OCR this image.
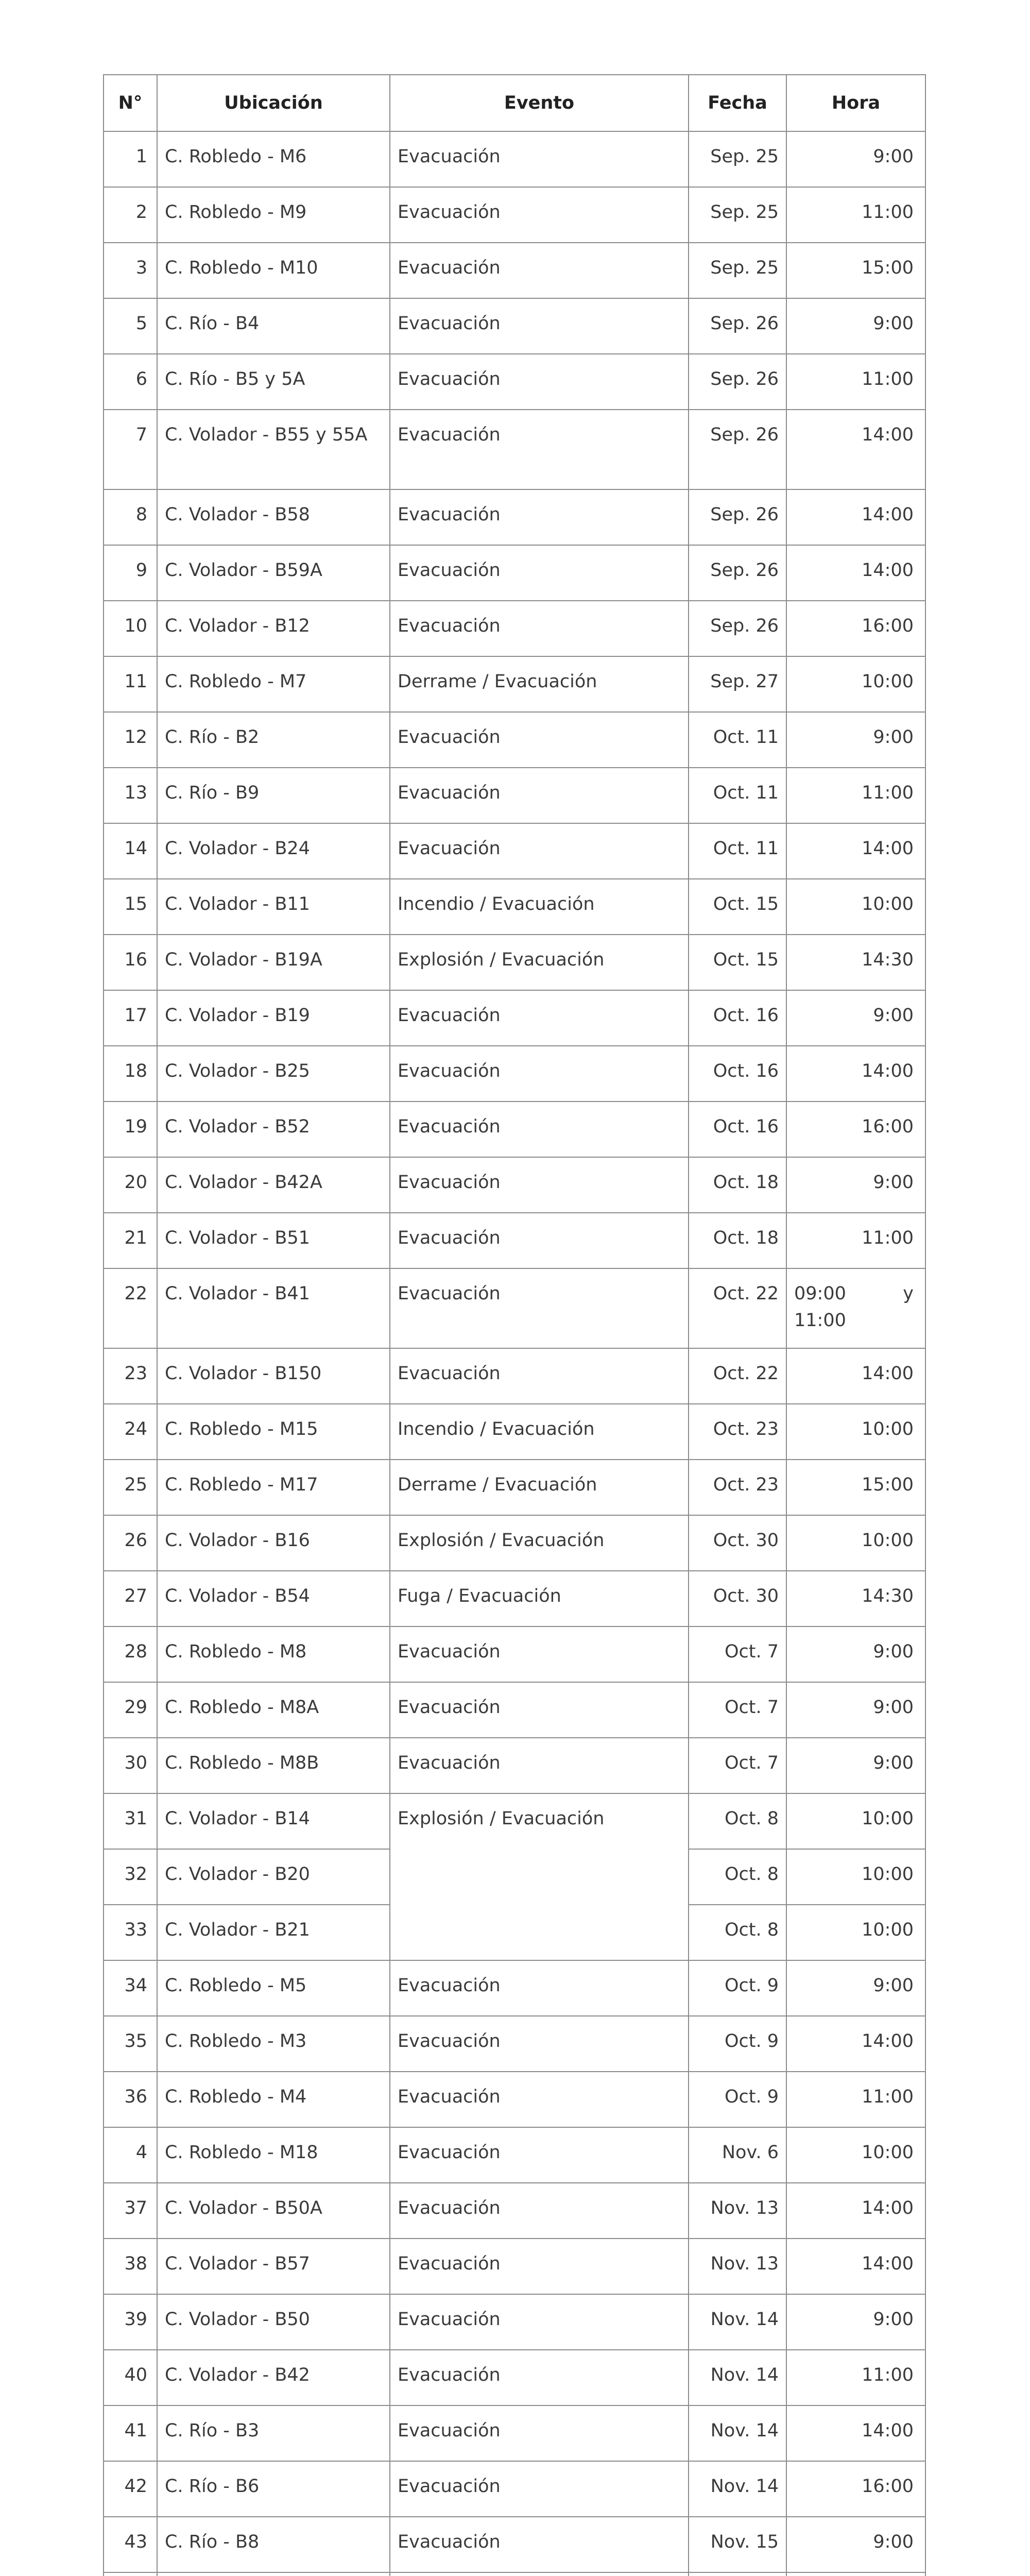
N°	Ubicación	Evento	Fecha	Hora
1	C. Robledo - M6	Evacuación	Sep. 25	9:00
2	C. Robledo - M9	Evacuación	Sep. 25	11:00
3	C. Robledo - M10	Evacuación	Sep. 25	15:00
5	C. Río - B4	Evacuación	Sep. 26	9:00
6	C. Río - B5 y 5A	Evacuación	Sep. 26	11:00
7	C. Volador - B55 y 55A	Evacuación	Sep. 26	14:00
8	C. Volador - B58	Evacuación	Sep. 26	14:00
9	C. Volador - B59A	Evacuación	Sep. 26	14:00
10	C. Volador - B12	Evacuación	Sep. 26	16:00
11	C. Robledo - M7	Derrame / Evacuación	Sep. 27	10:00
12	C. Río - B2	Evacuación	Oct. 11	9:00
13	C. Río - B9	Evacuación	Oct. 11	11:00
14	C. Volador - B24	Evacuación	Oct. 11	14:00
15	C. Volador - B11	Incendio / Evacuación	Oct. 15	10:00
16	C. Volador - B19A	Explosión / Evacuación	Oct. 15	14:30
17	C. Volador - B19	Evacuación	Oct. 16	9:00
18	C. Volador - B25	Evacuación	Oct. 16	14:00
19	C. Volador - B52	Evacuación	Oct. 16	16:00
20	C. Volador - B42A	Evacuación	Oct. 18	9:00
21	C. Volador - B51	Evacuación	Oct. 18	11:00
22	C. Volador - B41	Evacuación	Oct. 22	09:00 y 11:00
23	C. Volador - B150	Evacuación	Oct. 22	14:00
24	C. Robledo - M15	Incendio / Evacuación	Oct. 23	10:00
25	C. Robledo - M17	Derrame / Evacuación	Oct. 23	15:00
26	C. Volador - B16	Explosión / Evacuación	Oct. 30	10:00
27	C. Volador - B54	Fuga / Evacuación	Oct. 30	14:30
28	C. Robledo - M8	Evacuación	Oct. 7	9:00
29	C. Robledo - M8A	Evacuación	Oct. 7	9:00
30	C. Robledo - M8B	Evacuación	Oct. 7	9:00
31	C. Volador - B14	Explosión / Evacuación	Oct. 8	10:00
32	C. Volador - B20		Oct. 8	10:00
33	C. Volador - B21		Oct. 8	10:00
34	C. Robledo - M5	Evacuación	Oct. 9	9:00
35	C. Robledo - M3	Evacuación	Oct. 9	14:00
36	C. Robledo - M4	Evacuación	Oct. 9	11:00
4	C. Robledo - M18	Evacuación	Nov. 6	10:00
37	C. Volador - B50A	Evacuación	Nov. 13	14:00
38	C. Volador - B57	Evacuación	Nov. 13	14:00
39	C. Volador - B50	Evacuación	Nov. 14	9:00
40	C. Volador - B42	Evacuación	Nov. 14	11:00
41	C. Río - B3	Evacuación	Nov. 14	14:00
42	C. Río - B6	Evacuación	Nov. 14	16:00
43	C. Río - B8	Evacuación	Nov. 15	9:00
